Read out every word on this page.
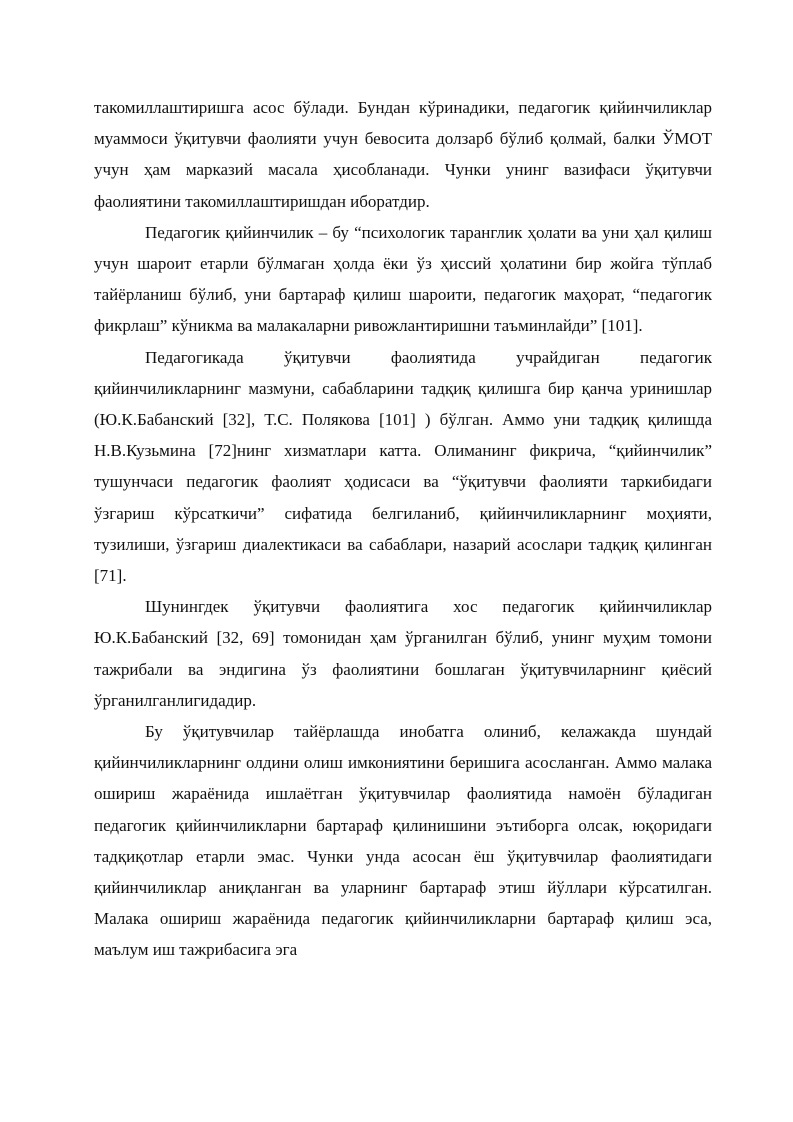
такомиллаштиришга асос бўлади. Бундан кўринадики, педагогик қийинчиликлар муаммоси ўқитувчи фаолияти учун бевосита долзарб бўлиб қолмай, балки ЎМОТ учун ҳам марказий масала ҳисобланади. Чунки унинг вазифаси ўқитувчи фаолиятини такомиллаштиришдан иборатдир.

Педагогик қийинчилик – бу “психологик таранглик ҳолати ва уни ҳал қилиш учун шароит етарли бўлмаган ҳолда ёки ўз ҳиссий ҳолатини бир жойга тўплаб тайёрланиш бўлиб, уни бартараф қилиш шароити, педагогик маҳорат, “педагогик фикрлаш” кўникма ва малакаларни ривожлантиришни таъминлайди” [101].

Педагогикада ўқитувчи фаолиятида учрайдиган педагогик қийинчиликларнинг мазмуни, сабабларини тадқиқ қилишга бир қанча уринишлар (Ю.К.Бабанский [32], Т.С. Полякова [101] ) бўлган. Аммо уни тадқиқ қилишда Н.В.Кузьмина [72]нинг хизматлари катта. Олиманинг фикрича, “қийинчилик” тушунчаси педагогик фаолият ҳодисаси ва “ўқитувчи фаолияти таркибидаги ўзгариш кўрсаткичи” сифатида белгиланиб, қийинчиликларнинг моҳияти, тузилиши, ўзгариш диалектикаси ва сабаблари, назарий асослари тадқиқ қилинган [71].

Шунингдек ўқитувчи фаолиятига хос педагогик қийинчиликлар Ю.К.Бабанский [32, 69] томонидан ҳам ўрганилган бўлиб, унинг муҳим томони тажрибали ва эндигина ўз фаолиятини бошлаган ўқитувчиларнинг қиёсий ўрганилганлигидадир.

Бу ўқитувчилар тайёрлашда инобатга олиниб, келажакда шундай қийинчиликларнинг олдини олиш имкониятини беришига асосланган. Аммо малака ошириш жараёнида ишлаётган ўқитувчилар фаолиятида намоён бўладиган педагогик қийинчиликларни бартараф қилинишини эътиборга олсак, юқоридаги тадқиқотлар етарли эмас. Чунки унда асосан ёш ўқитувчилар фаолиятидаги қийинчиликлар аниқланган ва уларнинг бартараф этиш йўллари кўрсатилган. Малака ошириш жараёнида педагогик қийинчиликларни бартараф қилиш эса, маълум иш тажрибасига эга
